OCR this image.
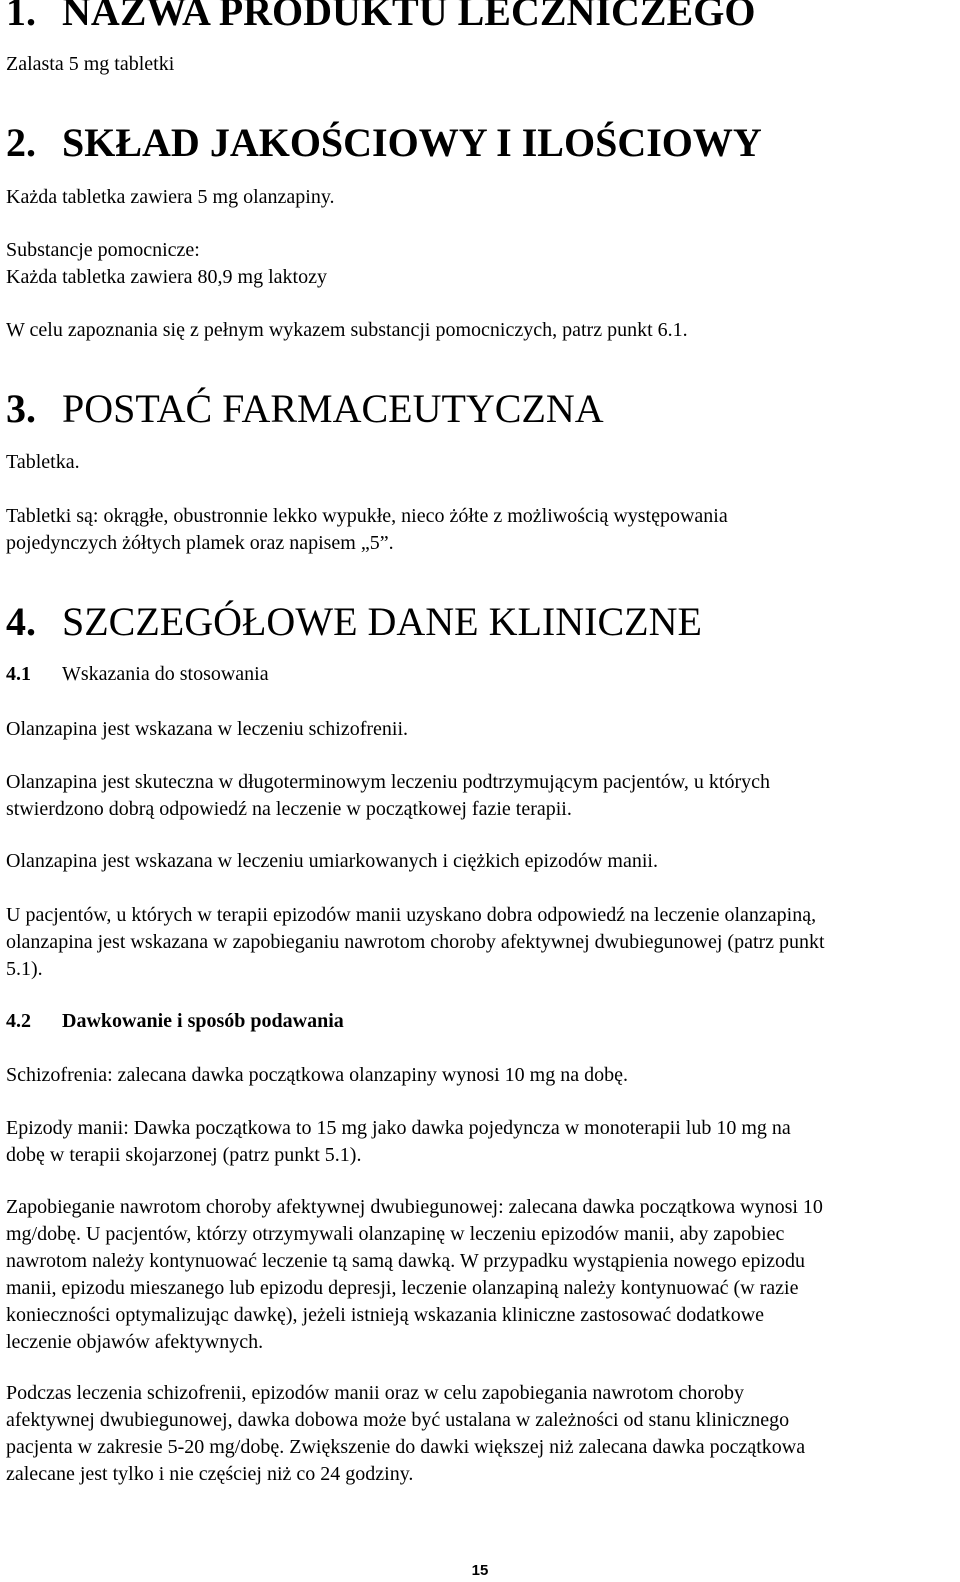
1. NAZWA PRODUKTU LECZNICZEGO

Zalasta 5 mg tabletki

2. SKŁAD JAKOŚCIOWY I ILOŚCIOWY

Każda tabletka zawiera 5 mg olanzapiny.

Substancje pomocnicze:
Każda tabletka zawiera 80,9 mg laktozy

W celu zapoznania się z pełnym wykazem substancji pomocniczych, patrz punkt 6.1.

3. POSTAĆ FARMACEUTYCZNA

Tabletka.

Tabletki są: okrągłe, obustronnie lekko wypukłe, nieco żółte z możliwością występowania
pojedynczych żółtych plamek oraz napisem „5”.

4. SZCZEGÓŁOWE DANE KLINICZNE
4.1 Wskazania do stosowania

Olanzapina jest wskazana w leczeniu schizofrenii.

Olanzapina jest skuteczna w długoterminowym leczeniu podtrzymującym pacjentów, u których
stwierdzono dobrą odpowiedź na leczenie w początkowej fazie terapii.

Olanzapina jest wskazana w leczeniu umiarkowanych i ciężkich epizodów manii.

U pacjentów, u których w terapii epizodów manii uzyskano dobra odpowiedź na leczenie olanzapiną,
olanzapina jest wskazana w zapobieganiu nawrotom choroby afektywnej dwubiegunowej (patrz punkt
5.1).

4.2 Dawkowanie i sposób podawania

Schizofrenia: zalecana dawka początkowa olanzapiny wynosi 10 mg na dobę.

Epizody manii: Dawka początkowa to 15 mg jako dawka pojedyncza w monoterapii lub 10 mg na
dobę w terapii skojarzonej (patrz punkt 5.1).

Zapobieganie nawrotom choroby afektywnej dwubiegunowej: zalecana dawka początkowa wynosi 10
mg/dobę. U pacjentów, którzy otrzymywali olanzapinę w leczeniu epizodów manii, aby zapobiec
nawrotom należy kontynuować leczenie tą samą dawką. W przypadku wystąpienia nowego epizodu
manii, epizodu mieszanego lub epizodu depresji, leczenie olanzapiną należy kontynuować (w razie
konieczności optymalizując dawkę), jeżeli istnieją wskazania kliniczne zastosować dodatkowe
leczenie objawów afektywnych.

Podczas leczenia schizofrenii, epizodów manii oraz w celu zapobiegania nawrotom choroby
afektywnej dwubiegunowej, dawka dobowa może być ustalana w zależności od stanu klinicznego
pacjenta w zakresie 5-20 mg/dobę. Zwiększenie do dawki większej niż zalecana dawka początkowa
zalecane jest tylko i nie częściej niż co 24 godziny.

15
